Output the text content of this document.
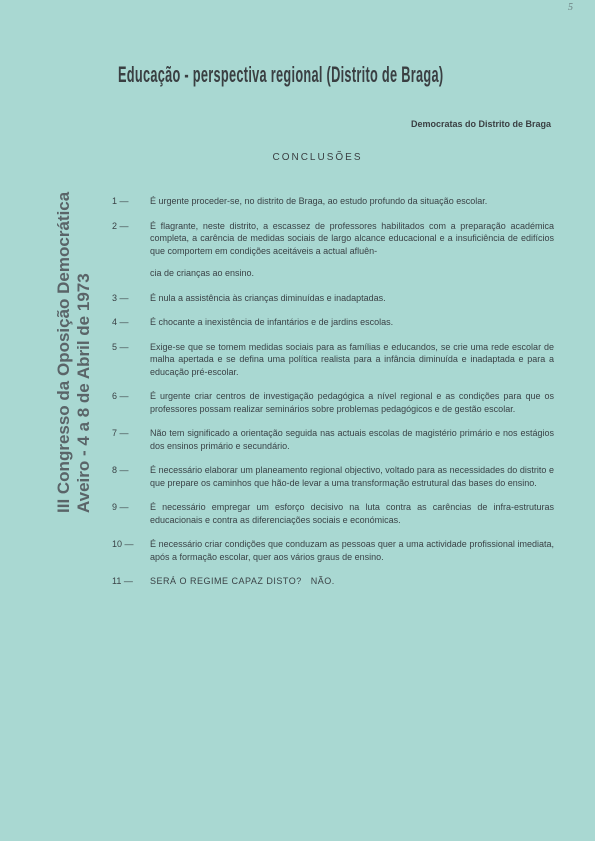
5
Educação - perspectiva regional (Distrito de Braga)
Democratas do Distrito de Braga
CONCLUSÕES
III Congresso da Oposição Democrática Aveiro - 4 a 8 de Abril de 1973
1 —	É urgente proceder-se, no distrito de Braga, ao estudo profundo da situação escolar.
2 —	É flagrante, neste distrito, a escassez de professores habilitados com a preparação académica completa, a carência de medidas sociais de largo alcance educacional e a insuficiência de edifícios que comportem em condições aceitáveis a actual afluên-
cia de crianças ao ensino.
3 —	É nula a assistência às crianças diminuídas e inadaptadas.
4 —	É chocante a inexistência de infantários e de jardins escolas.
5 —	Exige-se que se tomem medidas sociais para as famílias e educandos, se crie uma rede escolar de malha apertada e se defina uma política realista para a infância diminuída e inadaptada e para a educação pré-escolar.
6 —	É urgente criar centros de investigação pedagógica a nível regional e as condições para que os professores possam realizar seminários sobre problemas pedagógicos e de gestão escolar.
7 —	Não tem significado a orientação seguida nas actuais escolas de magistério primário e nos estágios dos ensinos primário e secundário.
8 —	É necessário elaborar um planeamento regional objectivo, voltado para as necessidades do distrito e que prepare os caminhos que hão-de levar a uma transformação estrutural das bases do ensino.
9 —	É necessário empregar um esforço decisivo na luta contra as carências de infra-estruturas educacionais e contra as diferenciações sociais e económicas.
10 —	É necessário criar condições que conduzam as pessoas quer a uma actividade profissional imediata, após a formação escolar, quer aos vários graus de ensino.
11 —	SERÁ O REGIME CAPAZ DISTO?   NÃO.
